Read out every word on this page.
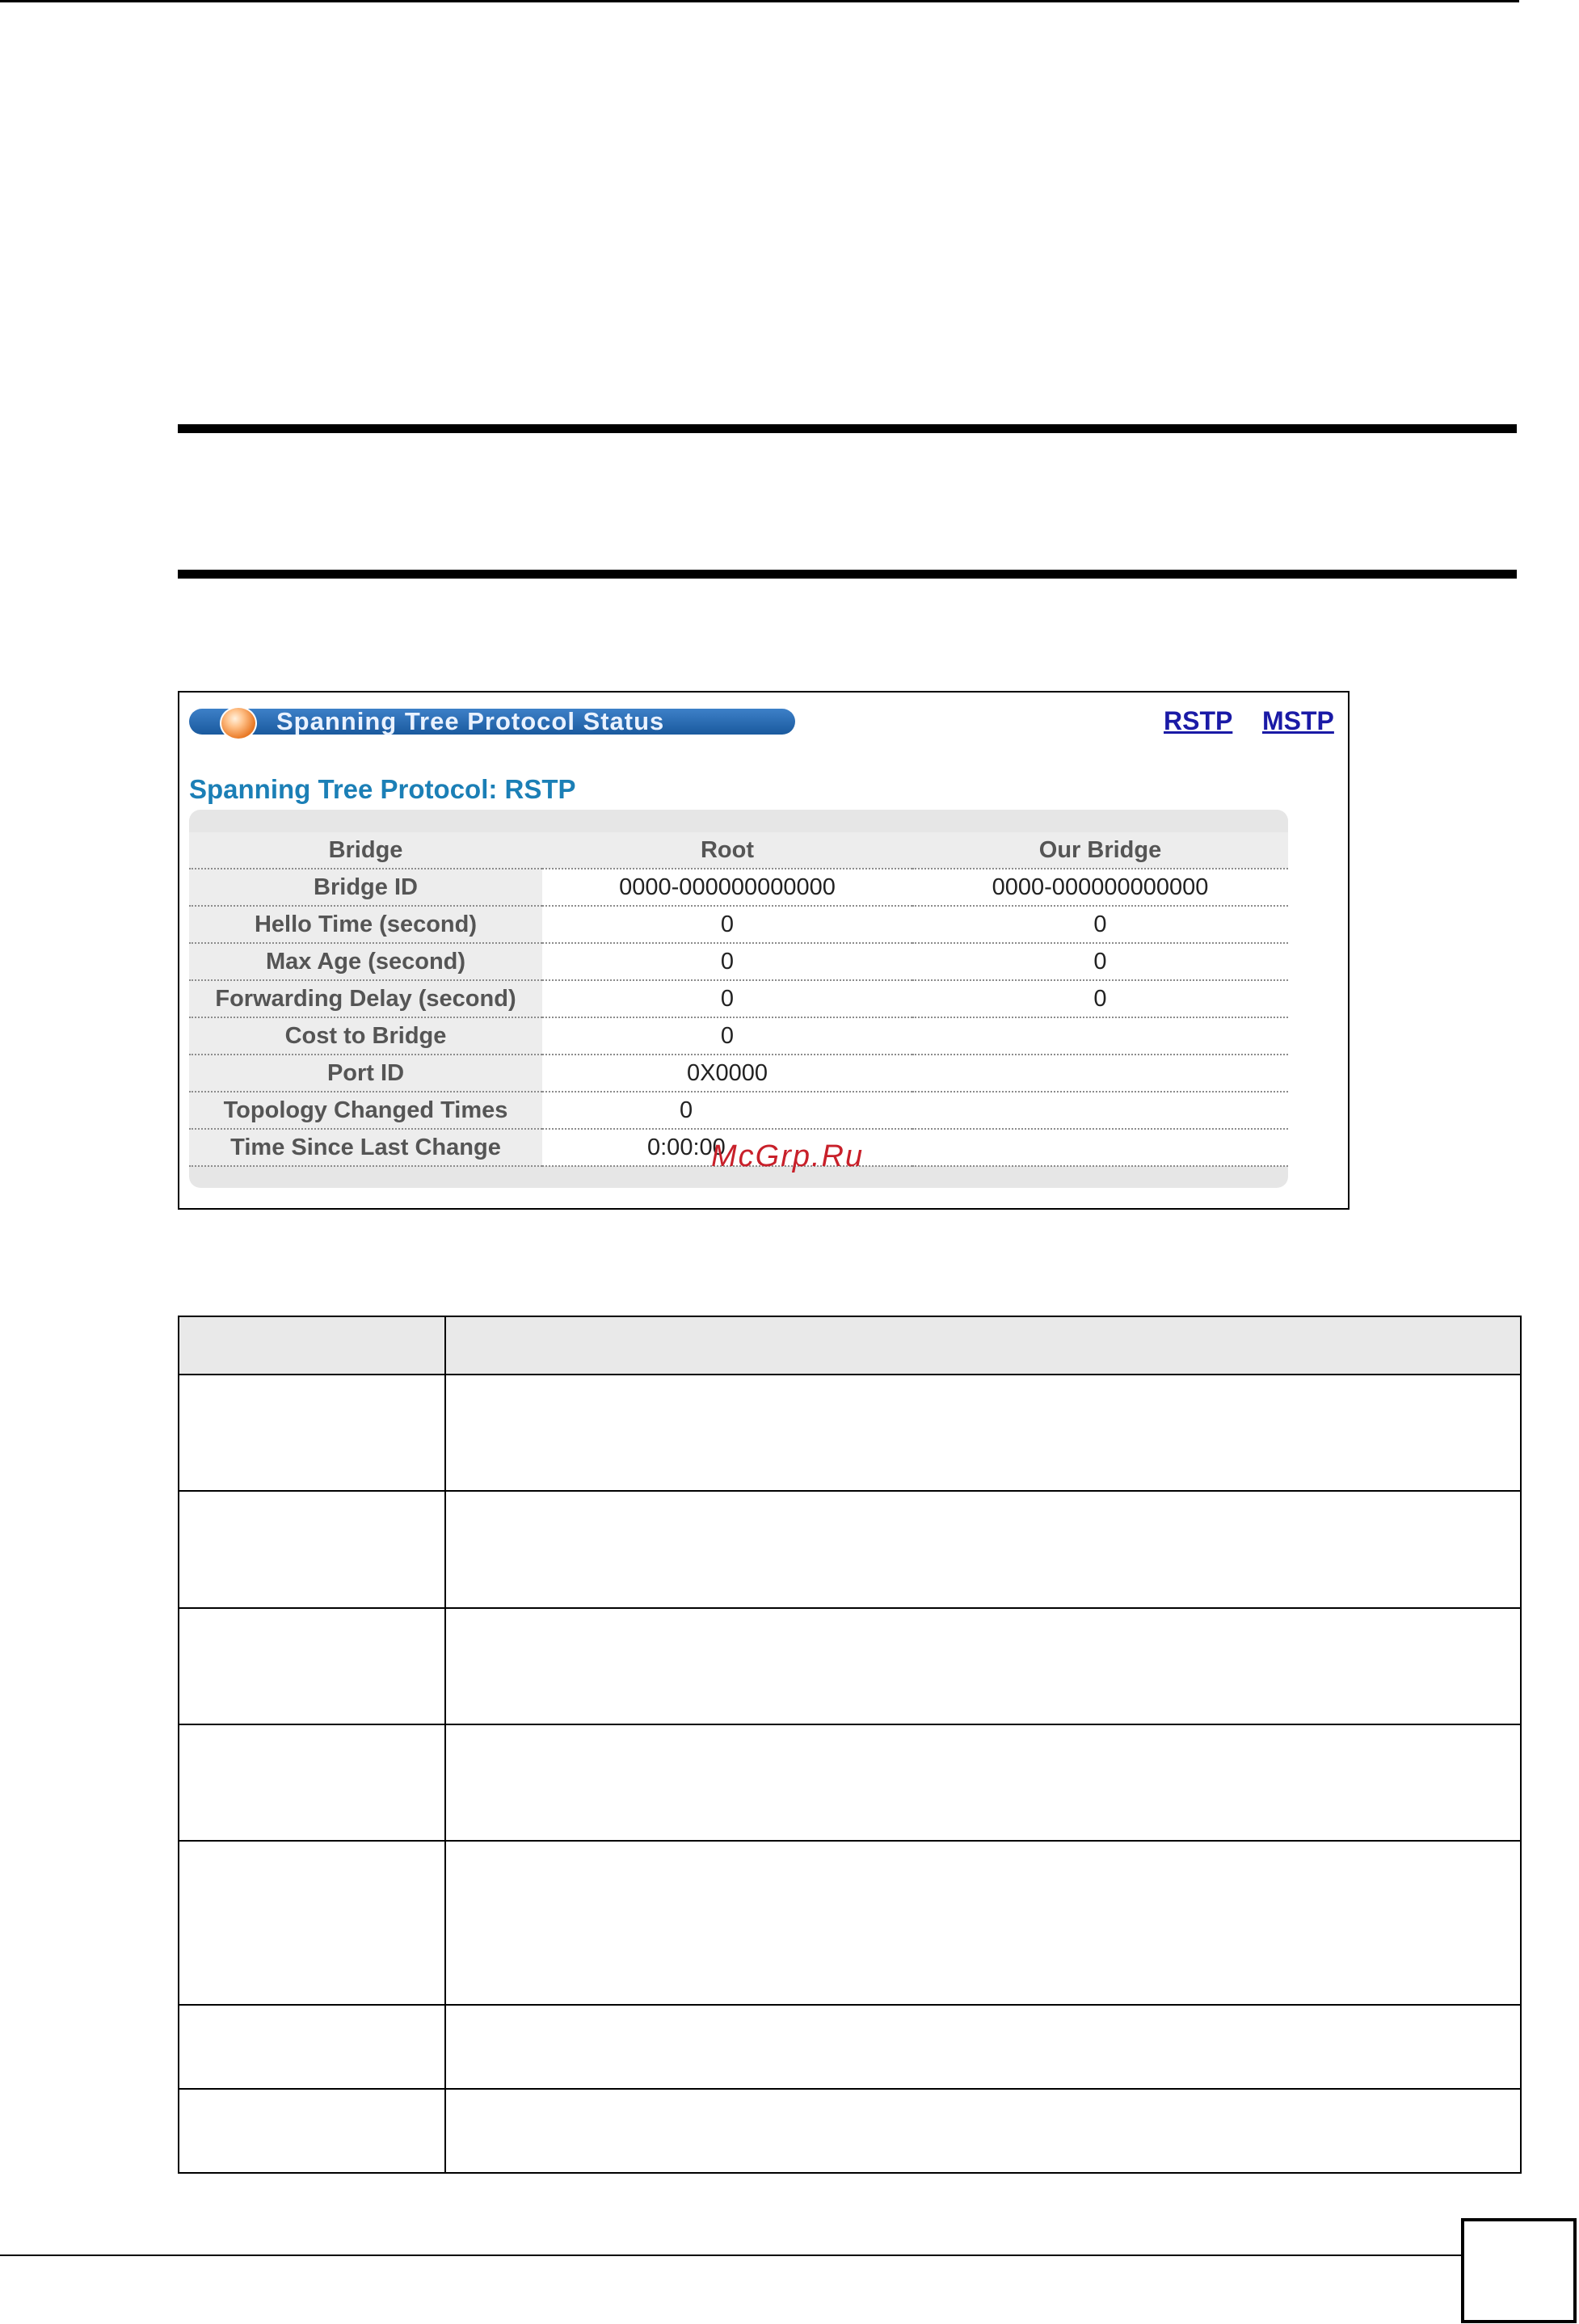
Spanning Tree Protocol Status	RSTP MSTP
Spanning Tree Protocol: RSTP
Bridge	Root	Our Bridge
Bridge ID	0000-000000000000	0000-000000000000
Hello Time (second)	0	0
Max Age (second)	0	0
Forwarding Delay (second)	0	0
Cost to Bridge	0	
Port ID	0X0000	
Topology Changed Times	0	
Time Since Last Change	0:00:00	
McGrp.Ru
